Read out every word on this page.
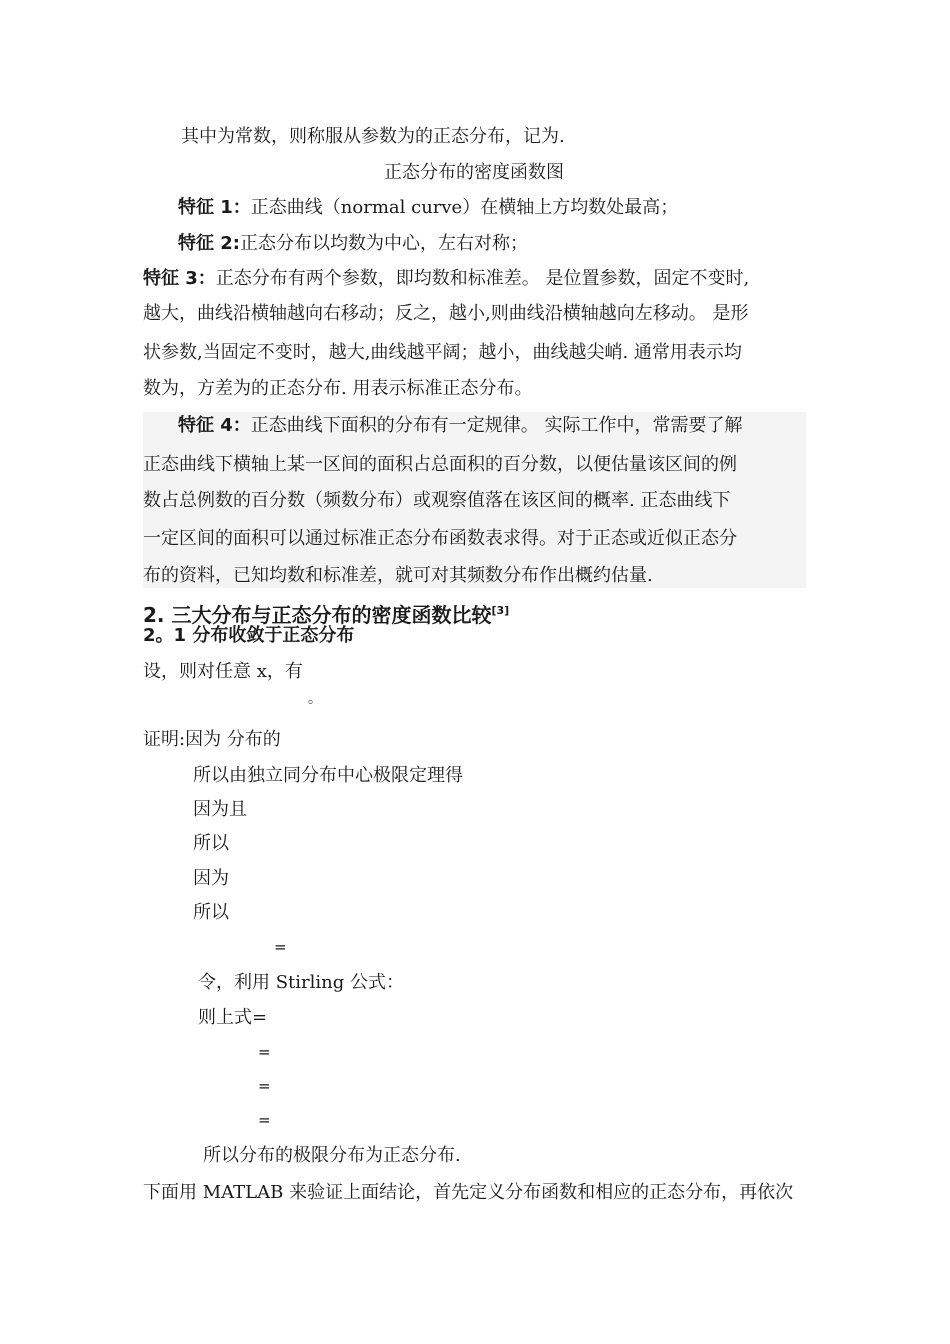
其中为常数，则称服从参数为的正态分布，记为.
正态分布的密度函数图
特征 1：正态曲线（normal curve）在横轴上方均数处最高；
特征 2:正态分布以均数为中心，左右对称；
特征 3：正态分布有两个参数，即均数和标准差。 是位置参数，固定不变时,
越大，曲线沿横轴越向右移动；反之，越小,则曲线沿横轴越向左移动。 是形
状参数,当固定不变时，越大,曲线越平阔；越小，曲线越尖峭. 通常用表示均
数为，方差为的正态分布. 用表示标准正态分布。
特征 4：正态曲线下面积的分布有一定规律。 实际工作中，常需要了解
正态曲线下横轴上某一区间的面积占总面积的百分数，以便估量该区间的例
数占总例数的百分数（频数分布）或观察值落在该区间的概率. 正态曲线下
一定区间的面积可以通过标准正态分布函数表求得。对于正态或近似正态分
布的资料，已知均数和标准差，就可对其频数分布作出概约估量.
2. 三大分布与正态分布的密度函数比较[3]
2。1 分布收敛于正态分布
设，则对任意 x，有
。
证明:因为 分布的
所以由独立同分布中心极限定理得
因为且
所以
因为
所以
=
令，利用 Stirling 公式：
则上式=
=
=
=
所以分布的极限分布为正态分布.
下面用 MATLAB 来验证上面结论，首先定义分布函数和相应的正态分布，再依次
